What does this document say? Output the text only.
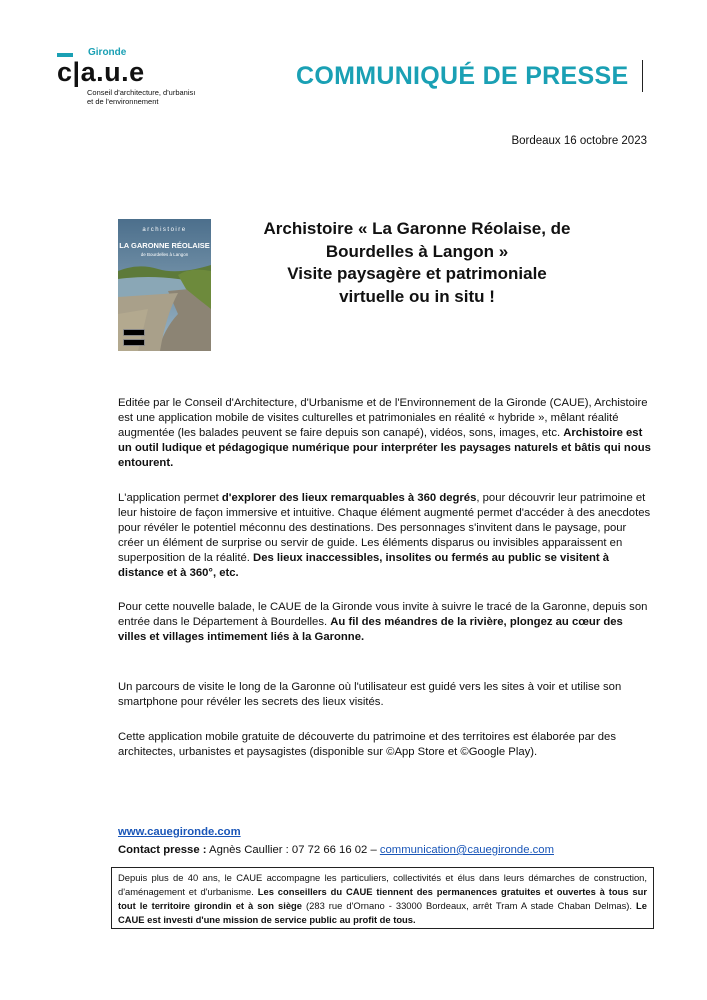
Gironde
c|a.u.e
Conseil d'architecture, d'urbanisı
et de l'environnement
COMMUNIQUÉ DE PRESSE
Bordeaux 16 octobre 2023
archistoire
LA GARONNE RÉOLAISE
de Bourdelles à Langon
Archistoire « La Garonne Réolaise, de
Bourdelles à Langon »
Visite paysagère et patrimoniale
virtuelle ou in situ !

Editée par le Conseil d'Architecture, d'Urbanisme et de l'Environnement de la Gironde (CAUE), Archistoire est une application mobile de visites culturelles et patrimoniales en réalité « hybride », mêlant réalité augmentée (les balades peuvent se faire depuis son canapé), vidéos, sons, images, etc. Archistoire est un outil ludique et pédagogique numérique pour interpréter les paysages naturels et bâtis qui nous entourent.

L'application permet d'explorer des lieux remarquables à 360 degrés, pour découvrir leur patrimoine et leur histoire de façon immersive et intuitive. Chaque élément augmenté permet d'accéder à des anecdotes pour révéler le potentiel méconnu des destinations. Des personnages s'invitent dans le paysage, pour créer un élément de surprise ou servir de guide. Les éléments disparus ou invisibles apparaissent en superposition de la réalité. Des lieux inaccessibles, insolites ou fermés au public se visitent à distance et à 360°, etc.

Pour cette nouvelle balade, le CAUE de la Gironde vous invite à suivre le tracé de la Garonne, depuis son entrée dans le Département à Bourdelles. Au fil des méandres de la rivière, plongez au cœur des villes et villages intimement liés à la Garonne.

Un parcours de visite le long de la Garonne où l'utilisateur est guidé vers les sites à voir et utilise son smartphone pour révéler les secrets des lieux visités.

Cette application mobile gratuite de découverte du patrimoine et des territoires est élaborée par des architectes, urbanistes et paysagistes (disponible sur ©App Store et ©Google Play).

www.cauegironde.com
Contact presse : Agnès Caullier : 07 72 66 16 02 – communication@cauegironde.com
Depuis plus de 40 ans, le CAUE accompagne les particuliers, collectivités et élus dans leurs démarches de construction, d'aménagement et d'urbanisme. Les conseillers du CAUE tiennent des permanences gratuites et ouvertes à tous sur tout le territoire girondin et à son siège (283 rue d'Ornano - 33000 Bordeaux, arrêt Tram A stade Chaban Delmas). Le CAUE est investi d'une mission de service public au profit de tous.
